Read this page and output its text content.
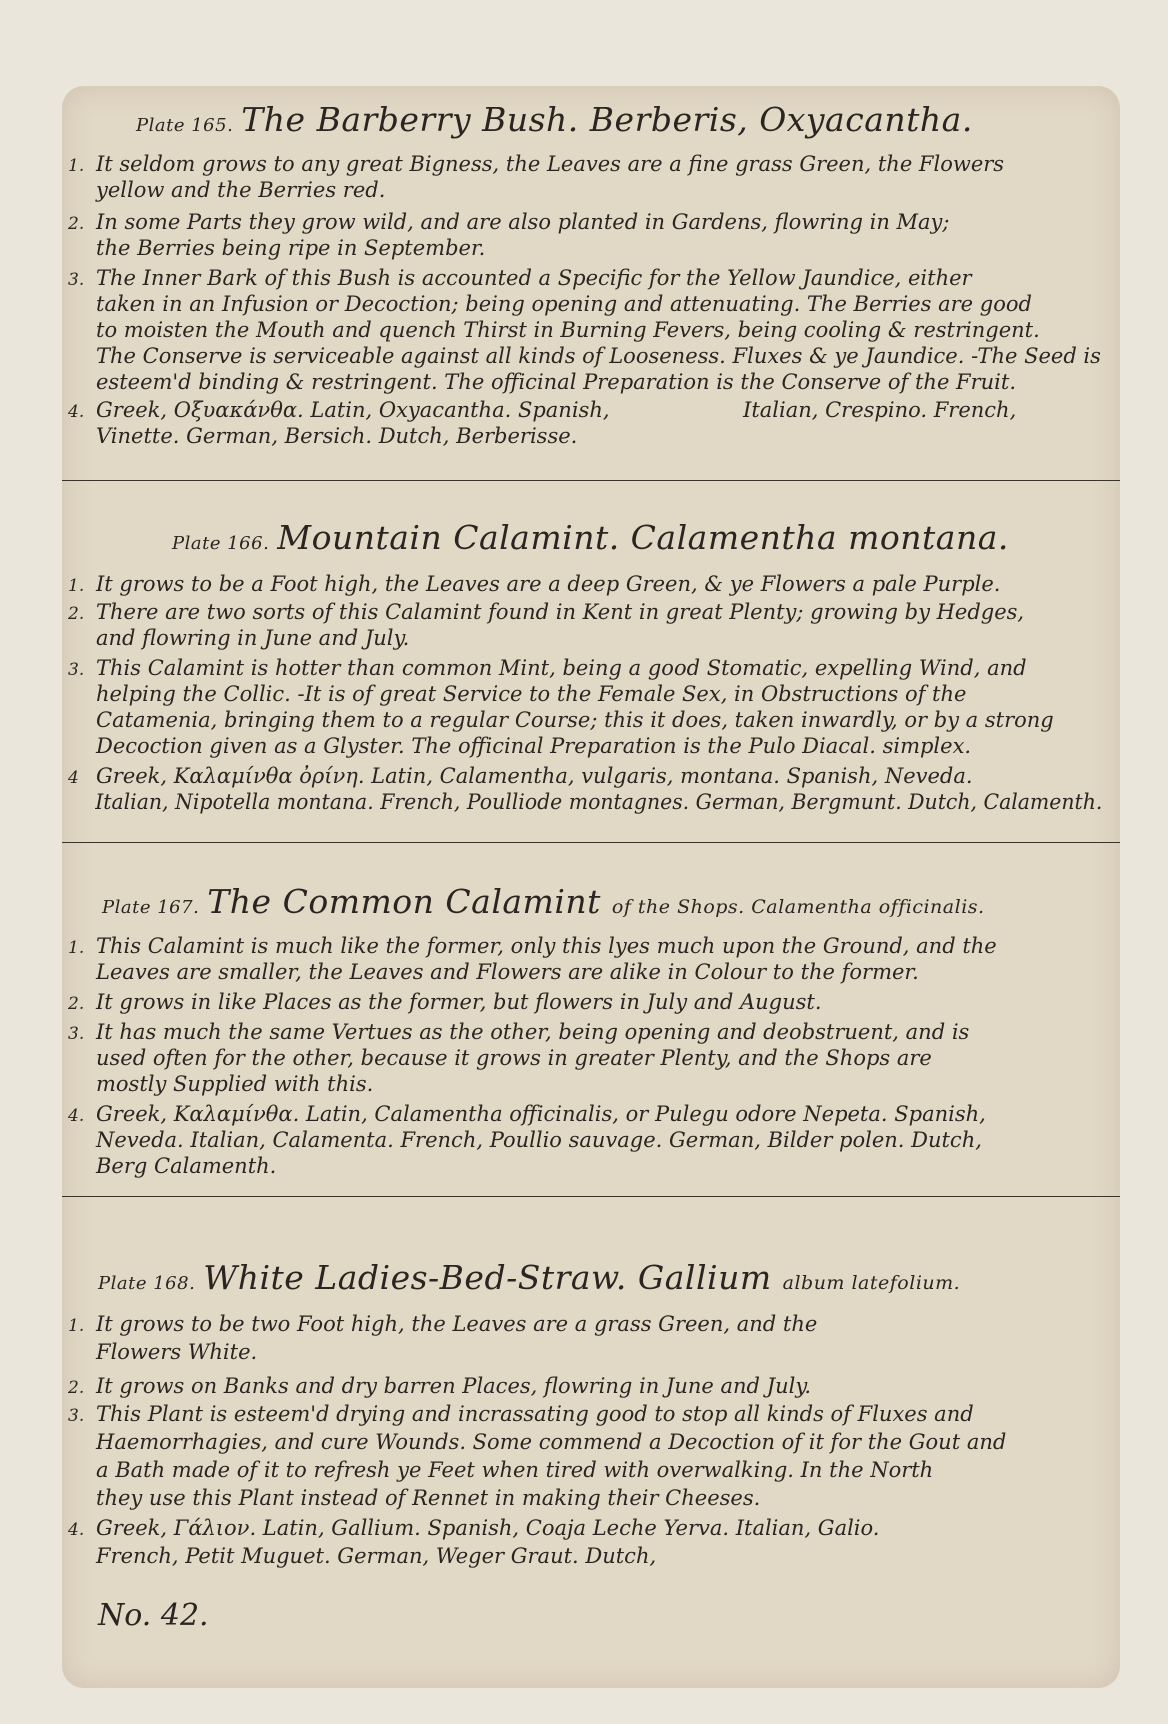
Plate 165. The Barberry Bush. Berberis, Oxyacantha.
1. It seldom grows to any great Bigness, the Leaves are a fine grass Green, the Flowers
yellow and the Berries red.
2. In some Parts they grow wild, and are also planted in Gardens, flowring in May;
the Berries being ripe in September.
3. The Inner Bark of this Bush is accounted a Specific for the Yellow Jaundice, either
taken in an Infusion or Decoction; being opening and attenuating. The Berries are good
to moisten the Mouth and quench Thirst in Burning Fevers, being cooling & restringent.
The Conserve is serviceable against all kinds of Looseness. Fluxes & ye Jaundice. -The Seed is
esteem'd binding & restringent. The officinal Preparation is the Conserve of the Fruit.
4. Greek, Οξυακάνθα. Latin, Oxyacantha. Spanish,                    Italian, Crespino. French,
Vinette. German, Bersich. Dutch, Berberisse.
Plate 166. Mountain Calamint. Calamentha montana.
1. It grows to be a Foot high, the Leaves are a deep Green, & ye Flowers a pale Purple.
2. There are two sorts of this Calamint found in Kent in great Plenty; growing by Hedges,
and flowring in June and July.
3. This Calamint is hotter than common Mint, being a good Stomatic, expelling Wind, and
helping the Collic. -It is of great Service to the Female Sex, in Obstructions of the
Catamenia, bringing them to a regular Course; this it does, taken inwardly, or by a strong
Decoction given as a Glyster. The officinal Preparation is the Pulo Diacal. simplex.
4 Greek, Καλαμίνθα ὀρίνη. Latin, Calamentha, vulgaris, montana. Spanish, Neveda.
Italian, Nipotella montana. French, Poulliode montagnes. German, Bergmunt. Dutch, Calamenth.
Plate 167. The Common Calamint of the Shops. Calamentha officinalis.
1. This Calamint is much like the former, only this lyes much upon the Ground, and the
Leaves are smaller, the Leaves and Flowers are alike in Colour to the former.
2. It grows in like Places as the former, but flowers in July and August.
3. It has much the same Vertues as the other, being opening and deobstruent, and is
used often for the other, because it grows in greater Plenty, and the Shops are
mostly Supplied with this.
4. Greek, Καλαμίνθα. Latin, Calamentha officinalis, or Pulegu odore Nepeta. Spanish,
Neveda. Italian, Calamenta. French, Poullio sauvage. German, Bilder polen. Dutch,
Berg Calamenth.
Plate 168. White Ladies-Bed-Straw. Gallium album latefolium.
1. It grows to be two Foot high, the Leaves are a grass Green, and the
Flowers White.
2. It grows on Banks and dry barren Places, flowring in June and July.
3. This Plant is esteem'd drying and incrassating good to stop all kinds of Fluxes and
Haemorrhagies, and cure Wounds. Some commend a Decoction of it for the Gout and
a Bath made of it to refresh ye Feet when tired with overwalking. In the North
they use this Plant instead of Rennet in making their Cheeses.
4. Greek, Γάλιον. Latin, Gallium. Spanish, Coaja Leche Yerva. Italian, Galio.
French, Petit Muguet. German, Weger Graut. Dutch,
No. 42.
